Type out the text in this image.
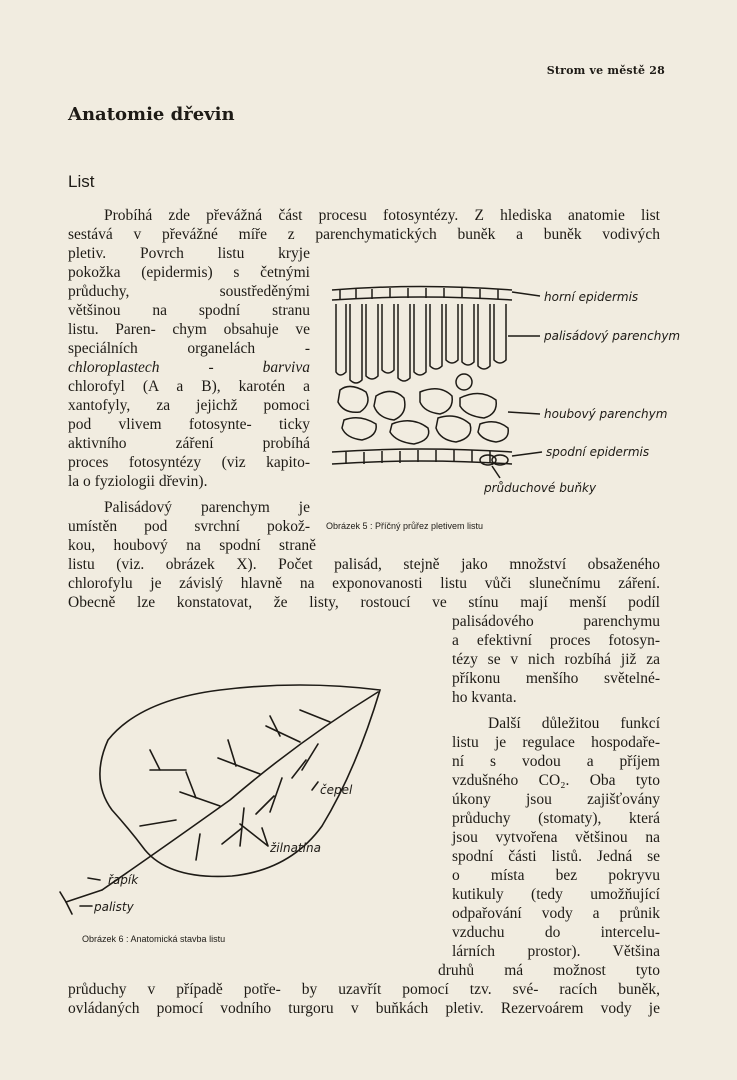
Strom ve městě 28
Anatomie dřevin
List
Probíhá zde převážná část procesu fotosyntézy. Z hlediska anatomie list
sestává v převážné míře z parenchymatických buněk a buněk vodivých
pletiv. Povrch listu kryje
pokožka (epidermis) s četnými
průduchy, soustředěnými
většinou na spodní stranu
listu. Paren- chym obsahuje ve
speciálních organelách -
chloroplastech - barviva
chlorofyl (A a B), karotén a
xantofyly, za jejichž pomoci
pod vlivem fotosynte- ticky
aktivního záření probíhá
proces fotosyntézy (viz kapito-
la o fyziologii dřevin).
Palisádový parenchym je
umístěn pod svrchní pokož-
kou, houbový na spodní straně
listu (viz. obrázek X). Počet palisád, stejně jako množství obsaženého
chlorofylu je závislý hlavně na exponovanosti listu vůči slunečnímu záření.
Obecně lze konstatovat, že listy, rostoucí ve stínu mají menší podíl
palisádového parenchymu
a efektivní proces fotosyn-
tézy se v nich rozbíhá již za
příkonu menšího světelné-
ho kvanta.
Další důležitou funkcí
listu je regulace hospodaře-
ní s vodou a příjem
vzdušného CO₂. Oba tyto
úkony jsou zajišťovány
průduchy (stomaty), která
jsou vytvořena většinou na
spodní části listů. Jedná se
o místa bez pokryvu
kutikuly (tedy umožňující
odpařování vody a průnik
vzduchu do intercelu-
lárních prostor). Většina
druhů má možnost tyto
průduchy v případě potře- by uzavřít pomocí tzv. své- racích buněk,
ovládaných pomocí vodního turgoru v buňkách pletiv. Rezervoárem vody je
horní epidermis
palisádový parenchym
houbový parenchym
spodní epidermis
průduchové buňky
Obrázek 5 : Příčný průřez pletivem listu
čepel
žilnatina
řapík
palisty
Obrázek 6 : Anatomická stavba listu
